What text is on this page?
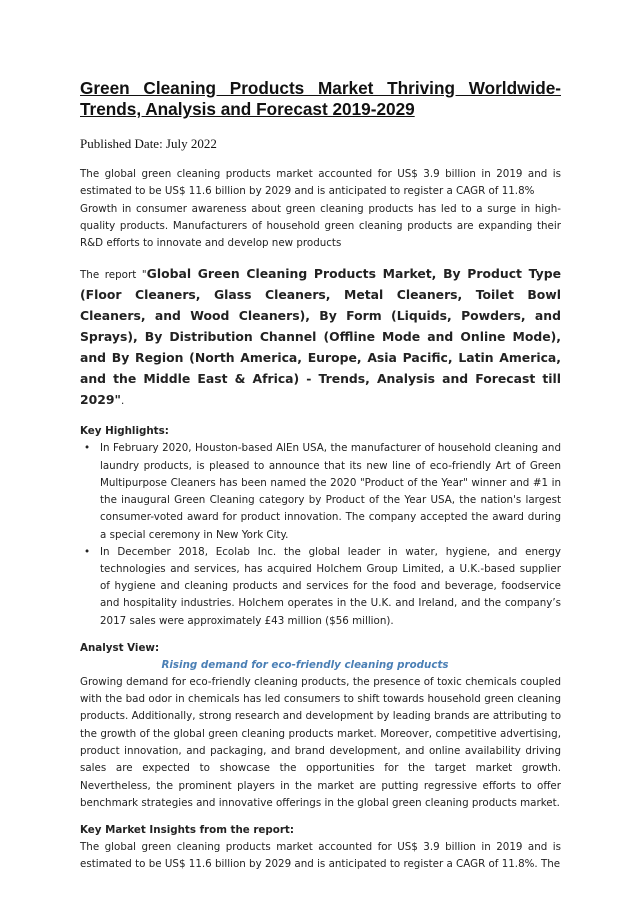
Green Cleaning Products Market Thriving Worldwide- Trends, Analysis and Forecast 2019-2029
Published Date: July 2022

The global green cleaning products market accounted for US$ 3.9 billion in 2019 and is estimated to be US$ 11.6 billion by 2029 and is anticipated to register a CAGR of 11.8%

Growth in consumer awareness about green cleaning products has led to a surge in high-quality products. Manufacturers of household green cleaning products are expanding their R&D efforts to innovate and develop new products

The report "Global Green Cleaning Products Market, By Product Type (Floor Cleaners, Glass Cleaners, Metal Cleaners, Toilet Bowl Cleaners, and Wood Cleaners), By Form (Liquids, Powders, and Sprays), By Distribution Channel (Offline Mode and Online Mode), and By Region (North America, Europe, Asia Pacific, Latin America, and the Middle East & Africa) - Trends, Analysis and Forecast till 2029".
Key Highlights:
• In February 2020, Houston-based AlEn USA, the manufacturer of household cleaning and laundry products, is pleased to announce that its new line of eco-friendly Art of Green Multipurpose Cleaners has been named the 2020 "Product of the Year" winner and #1 in the inaugural Green Cleaning category by Product of the Year USA, the nation's largest consumer-voted award for product innovation. The company accepted the award during a special ceremony in New York City.
• In December 2018, Ecolab Inc. the global leader in water, hygiene, and energy technologies and services, has acquired Holchem Group Limited, a U.K.-based supplier of hygiene and cleaning products and services for the food and beverage, foodservice and hospitality industries. Holchem operates in the U.K. and Ireland, and the company’s 2017 sales were approximately £43 million ($56 million).
Analyst View:
Rising demand for eco-friendly cleaning products

Growing demand for eco-friendly cleaning products, the presence of toxic chemicals coupled with the bad odor in chemicals has led consumers to shift towards household green cleaning products. Additionally, strong research and development by leading brands are attributing to the growth of the global green cleaning products market. Moreover, competitive advertising, product innovation, and packaging, and brand development, and online availability driving sales are expected to showcase the opportunities for the target market growth. Nevertheless, the prominent players in the market are putting regressive efforts to offer benchmark strategies and innovative offerings in the global green cleaning products market.

Key Market Insights from the report:

The global green cleaning products market accounted for US$ 3.9 billion in 2019 and is estimated to be US$ 11.6 billion by 2029 and is anticipated to register a CAGR of 11.8%. The
